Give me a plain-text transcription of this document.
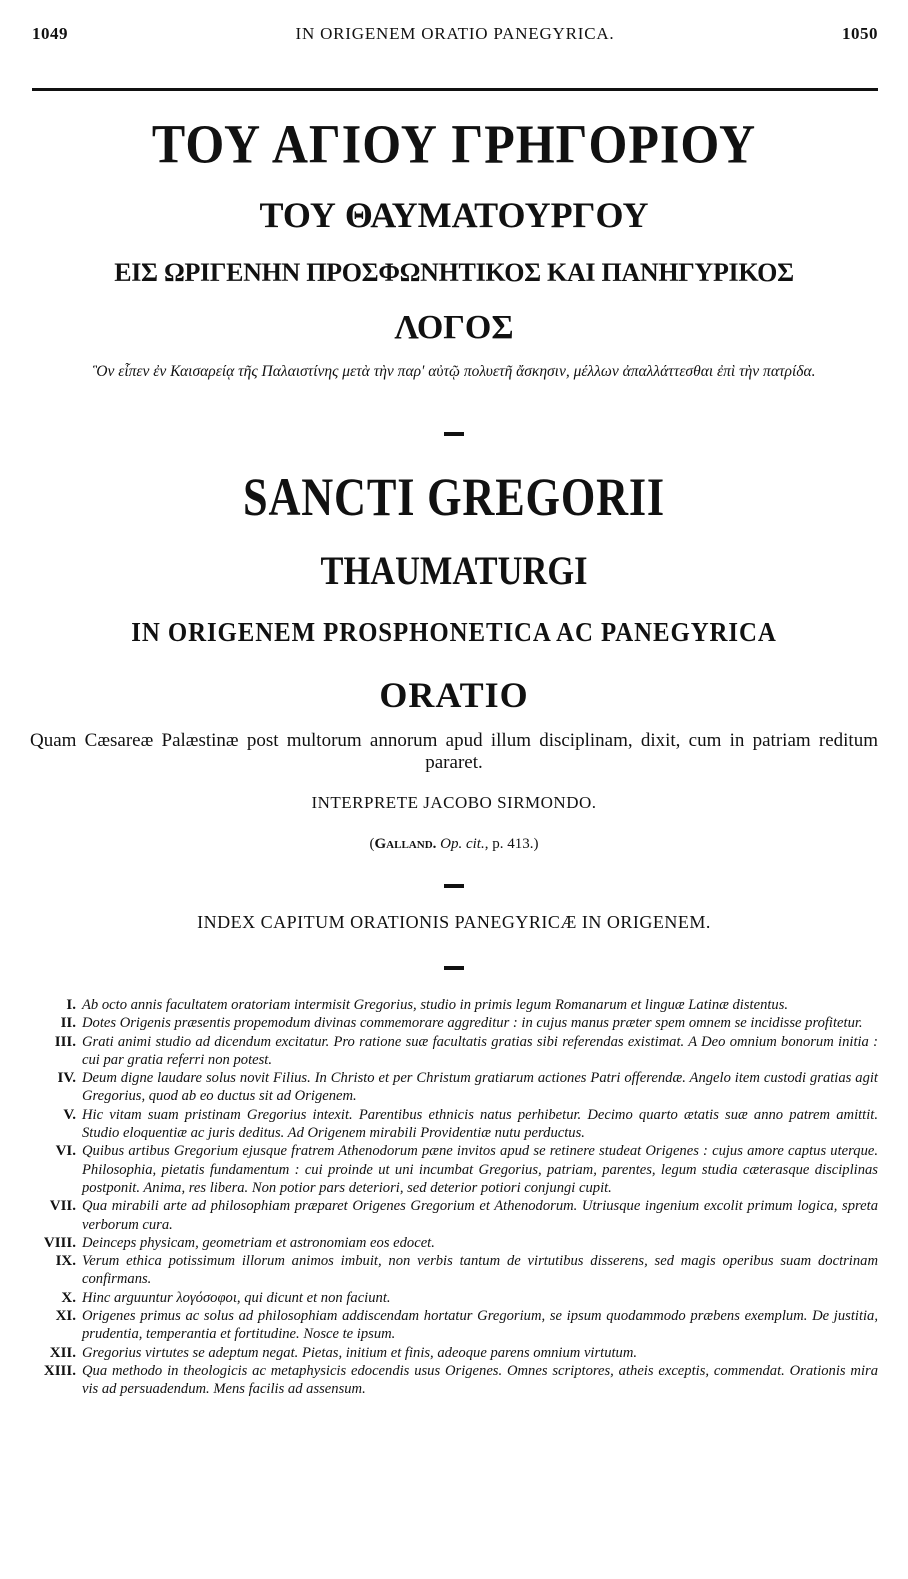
1049	IN ORIGENEM ORATIO PANEGYRICA.	1050
ΤΟΥ ΑΓΙΟΥ ΓΡΗΓΟΡΙΟΥ
ΤΟΥ ΘΑΥΜΑΤΟΥΡΓΟΥ
ΕΙΣ ΩΡΙΓΕΝΗΝ ΠΡΟΣΦΩΝΗΤΙΚΟΣ ΚΑΙ ΠΑΝΗΓΥΡΙΚΟΣ
ΛΟΓΟΣ
Ὃν εἶπεν ἐν Καισαρείᾳ τῆς Παλαιστίνης μετὰ τὴν παρ' αὐτῷ πολυετῆ ἄσκησιν, μέλλων ἀπαλλάττεσθαι ἐπὶ τὴν πατρίδα.
SANCTI GREGORII
THAUMATURGI
IN ORIGENEM PROSPHONETICA AC PANEGYRICA
ORATIO
Quam Cæsareæ Palæstinæ post multorum annorum apud illum disciplinam, dixit, cum in patriam reditum pararet.
INTERPRETE JACOBO SIRMONDO.
(Galland. Op. cit., p. 413.)
INDEX CAPITUM ORATIONIS PANEGYRICÆ IN ORIGENEM.
I. Ab octo annis facultatem oratoriam intermisit Gregorius, studio in primis legum Romanarum et linguæ Latinæ distentus.
II. Dotes Origenis præsentis propemodum divinas commemorare aggreditur : in cujus manus præter spem omnem se incidisse profitetur.
III. Grati animi studio ad dicendum excitatur. Pro ratione suæ facultatis gratias sibi referendas existimat. A Deo omnium bonorum initia : cui par gratia referri non potest.
IV. Deum digne laudare solus novit Filius. In Christo et per Christum gratiarum actiones Patri offerendæ. Angelo item custodi gratias agit Gregorius, quod ab eo ductus sit ad Origenem.
V. Hic vitam suam pristinam Gregorius intexit. Parentibus ethnicis natus perhibetur. Decimo quarto ætatis suæ anno patrem amittit. Studio eloquentiæ ac juris deditus. Ad Origenem mirabili Providentiæ nutu perductus.
VI. Quibus artibus Gregorium ejusque fratrem Athenodorum pæne invitos apud se retinere studeat Origenes : cujus amore captus uterque. Philosophia, pietatis fundamentum : cui proinde ut uni incumbat Gregorius, patriam, parentes, legum studia cæterasque disciplinas postponit. Anima, res libera. Non potior pars deteriori, sed deterior potiori conjungi cupit.
VII. Qua mirabili arte ad philosophiam præparet Origenes Gregorium et Athenodorum. Utriusque ingenium excolit primum logica, spreta verborum cura.
VIII. Deinceps physicam, geometriam et astronomiam eos edocet.
IX. Verum ethica potissimum illorum animos imbuit, non verbis tantum de virtutibus disserens, sed magis operibus suam doctrinam confirmans.
X. Hinc arguuntur λογόσοφοι, qui dicunt et non faciunt.
XI. Origenes primus ac solus ad philosophiam addiscendam hortatur Gregorium, se ipsum quodammodo præbens exemplum. De justitia, prudentia, temperantia et fortitudine. Nosce te ipsum.
XII. Gregorius virtutes se adeptum negat. Pietas, initium et finis, adeoque parens omnium virtutum.
XIII. Qua methodo in theologicis ac metaphysicis edocendis usus Origenes. Omnes scriptores, atheis exceptis, commendat. Orationis mira vis ad persuadendum. Mens facilis ad assensum.
